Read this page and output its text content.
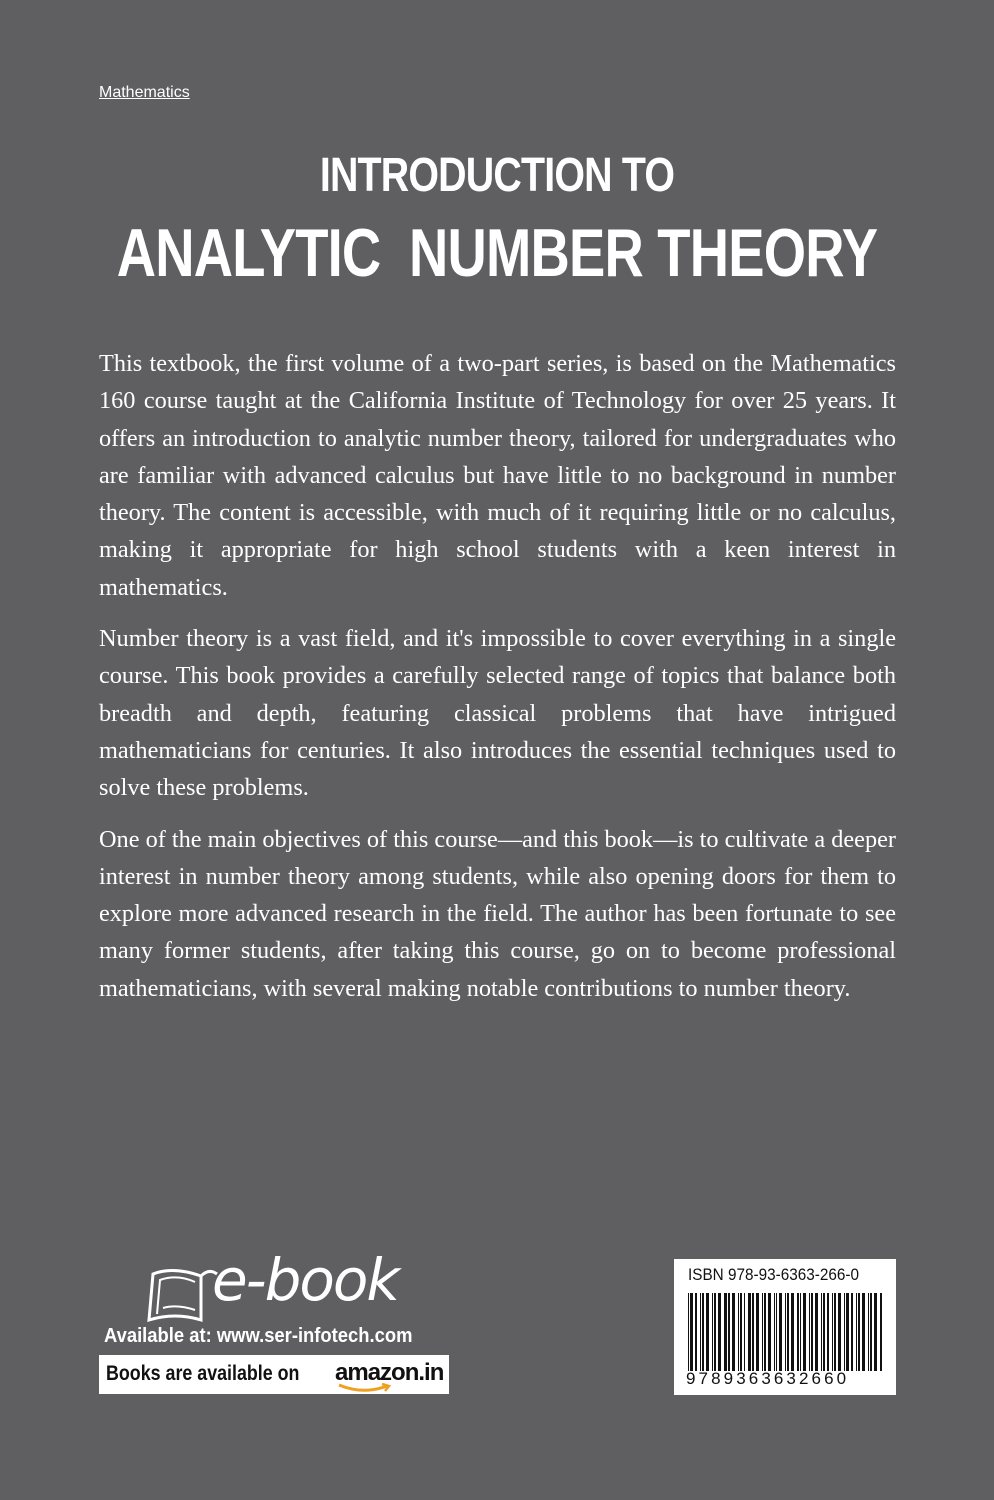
Mathematics
INTRODUCTION TO
ANALYTIC  NUMBER THEORY

This textbook, the first volume of a two-part series, is based on the Mathematics 160 course taught at the California Institute of Technology for over 25 years. It offers an introduction to analytic number theory, tailored for undergraduates who are familiar with advanced calculus but have little to no background in number theory. The content is accessible, with much of it requiring little or no calculus, making it appropriate for high school students with a keen interest in mathematics.

Number theory is a vast field, and it's impossible to cover everything in a single course. This book provides a carefully selected range of topics that balance both breadth and depth, featuring classical problems that have intrigued mathematicians for centuries. It also introduces the essential techniques used to solve these problems.

One of the main objectives of this course—and this book—is to cultivate a deeper interest in number theory among students, while also opening doors for them to explore more advanced research in the field. The author has been fortunate to see many former students, after taking this course, go on to become professional mathematicians, with several making notable contributions to number theory.

e-book
Available at: www.ser-infotech.com
Books are available on amazon.in
ISBN 978-93-6363-266-0
9789363632660
